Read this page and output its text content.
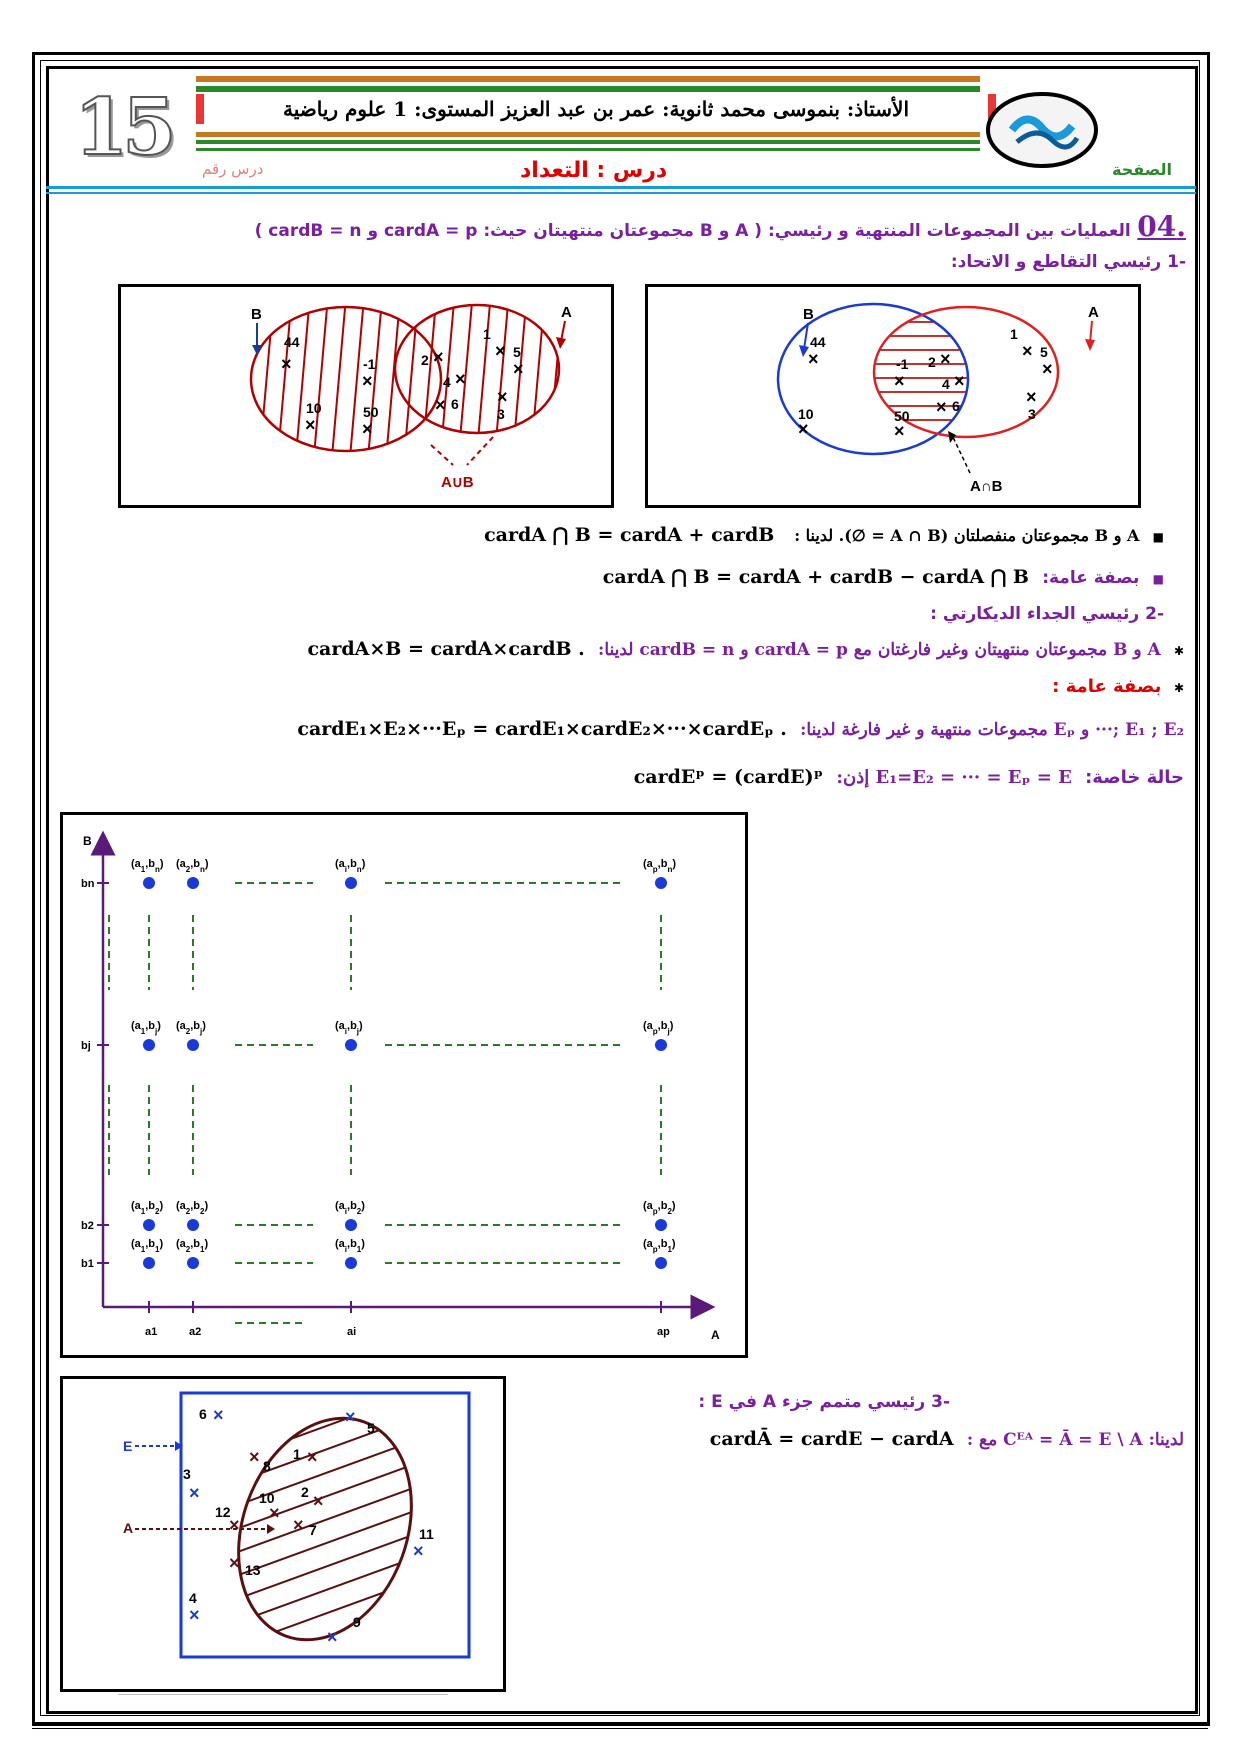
15	الأستاذ: بنموسى محمد ثانوية: عمر بن عبد العزيز المستوى: 1 علوم رياضية
الصفحة
درس : التعداد
درس رقم
.04 العمليات بين المجموعات المنتهية و رئيسي: ( A و B مجموعتان منتهيتان حيث: cardA = p و cardB = n )
-1 رئيسي التقاطع و الاتحاد:
44
×	-1
×
10
×
50
×
1
×
2 ×
4 ×
6
×
5
×
3
×
B	A
A∪B
44
×	-1
×
10
×
50
×
1
×
2 ×
4 ×
6
×
5
×
3
×
B	A
A∩B
■  A و B مجموعتان منفصلتان (A ∩ B = ∅). لدينا :   cardA ⋂ B = cardA + cardB
■  بصفة عامة:  cardA ⋂ B = cardA + cardB − cardA ⋂ B
-2 رئيسي الجداء الديكارتي :
✱  A و B مجموعتان منتهيتان وغير فارغتان مع cardA = p و cardB = n لدينا:  cardA×B = cardA×cardB .
✱  بصفة عامة :
E₁ ; E₂ ;··· و Eₚ مجموعات منتهية و غير فارغة لدينا:  cardE₁×E₂×···Eₚ = cardE₁×cardE₂×···×cardEₚ .
حالة خاصة:  E₁=E₂ = ··· = Eₚ = E إذن:  cardEᵖ = (cardE)ᵖ
B
A
a1	a2	ai	ap
b1
b2
bj
bn
$(a_1,b_n)$ $(a_2,b_n)$	$(a_i,b_n)$	$(a_p,b_n)$
$(a_1,b_j)$ $(a_2,b_j)$	$(a_i,b_j)$	$(a_p,b_j)$
$(a_1,b_2)$ $(a_2,b_2)$	$(a_i,b_2)$	$(a_p,b_2)$
$(a_1,b_1)$ $(a_2,b_1)$	$(a_i,b_1)$	$(a_p,b_1)$
-3 رئيسي متمم جزء A في E :
لدينا: Cᴱᴬ = Ā = E \ A مع :  cardĀ = cardE − cardA
E
A
6 ×
5
×
3
×
11
×
4
×	9
×
1 ×
8
×
10
×
2 ×
12
×	7
×
13
×
